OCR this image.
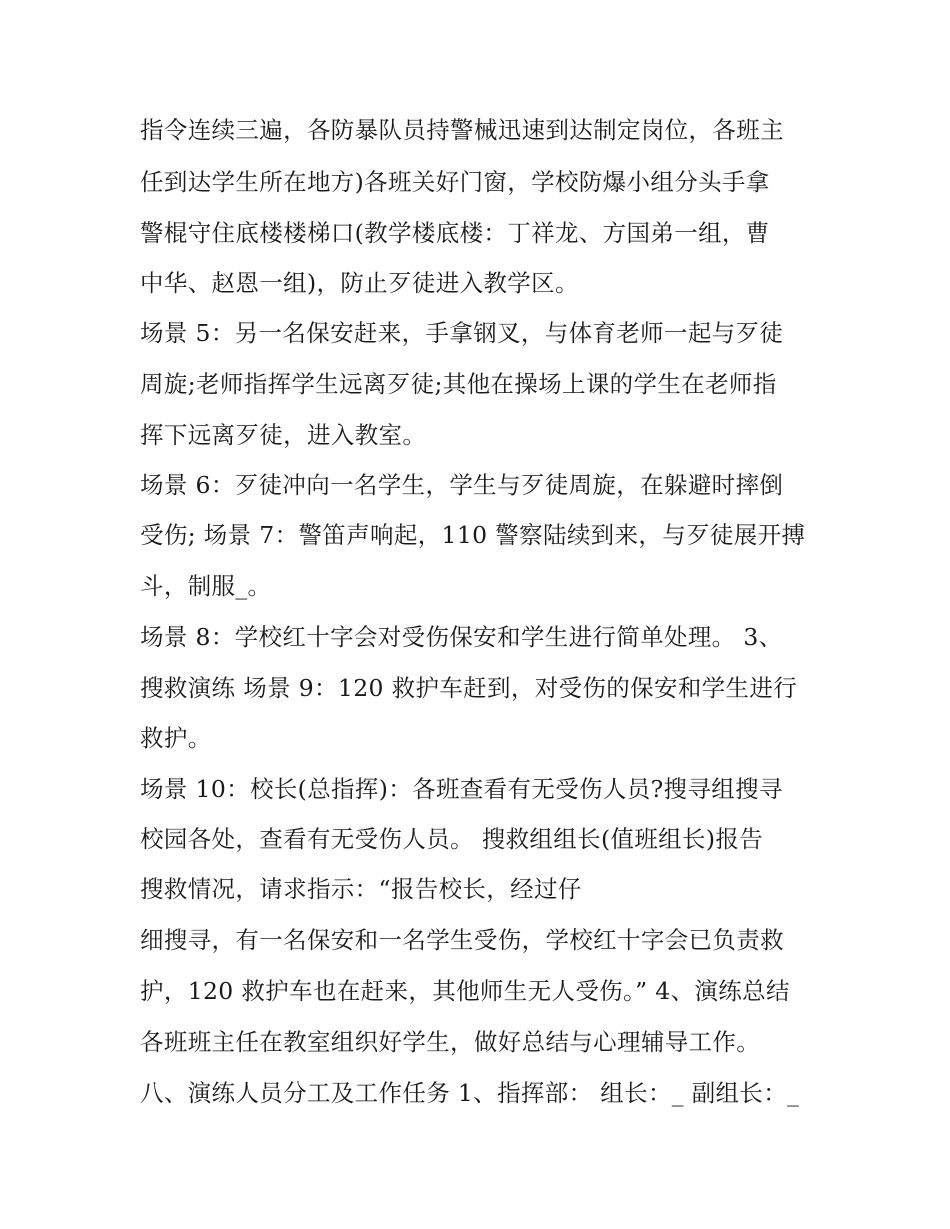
指令连续三遍，各防暴队员持警械迅速到达制定岗位，各班主
任到达学生所在地方)各班关好门窗，学校防爆小组分头手拿
警棍守住底楼楼梯口(教学楼底楼：丁祥龙、方国弟一组，曹
中华、赵恩一组)，防止歹徒进入教学区。
场景 5：另一名保安赶来，手拿钢叉，与体育老师一起与歹徒
周旋;老师指挥学生远离歹徒;其他在操场上课的学生在老师指
挥下远离歹徒，进入教室。
场景 6：歹徒冲向一名学生，学生与歹徒周旋，在躲避时摔倒
受伤; 场景 7：警笛声响起，110 警察陆续到来，与歹徒展开搏
斗，制服_。
场景 8：学校红十字会对受伤保安和学生进行简单处理。 3、
搜救演练 场景 9：120 救护车赶到，对受伤的保安和学生进行
救护。
场景 10：校长(总指挥)：各班查看有无受伤人员?搜寻组搜寻
校园各处，查看有无受伤人员。 搜救组组长(值班组长)报告
搜救情况，请求指示：“报告校长，经过仔
细搜寻，有一名保安和一名学生受伤，学校红十字会已负责救
护，120 救护车也在赶来，其他师生无人受伤。” 4、演练总结
各班班主任在教室组织好学生，做好总结与心理辅导工作。
八、演练人员分工及工作任务 1、指挥部： 组长：_ 副组长：_
